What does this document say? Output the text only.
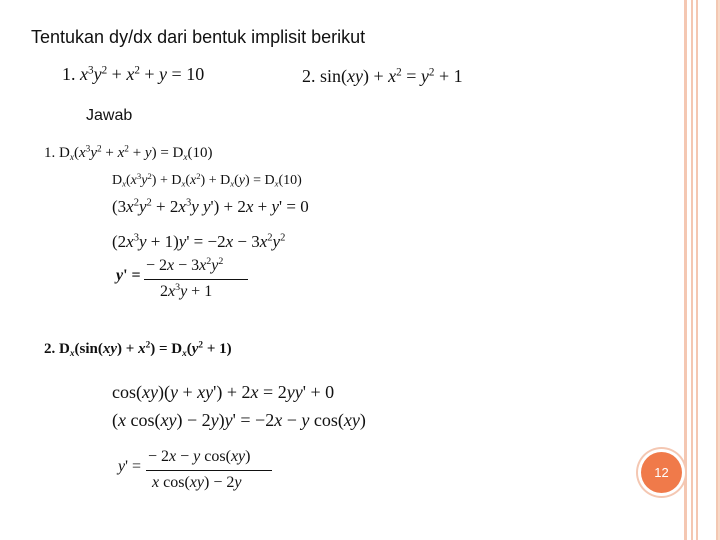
Tentukan dy/dx dari bentuk implisit berikut
1. $x^3y^2 + x^2 + y = 10$	2. $\sin(xy) + x^2 = y^2 + 1$
Jawab
1. $D_x(x^3y^2 + x^2 + y) = D_x(10)$
$D_x(x^3y^2) + D_x(x^2) + D_x(y) = D_x(10)$
($3x^2y^2 + 2x^3y$ y') + 2x + y' = 0
$(2x^3y + 1)y' = -2x - 3x^2y^2$
y' =
− $2x - 3x^2y^2$
$2x^3y + 1$
2. $D_x(\sin(xy) + x^2) = D_x(y^2 + 1)$
cos(xy)(y + xy') + 2x = 2yy' + 0
(x cos(xy) − 2y)y' = −2x − y cos(xy)
y' =
− 2x − y cos(xy)
x cos(xy) − 2y
12
